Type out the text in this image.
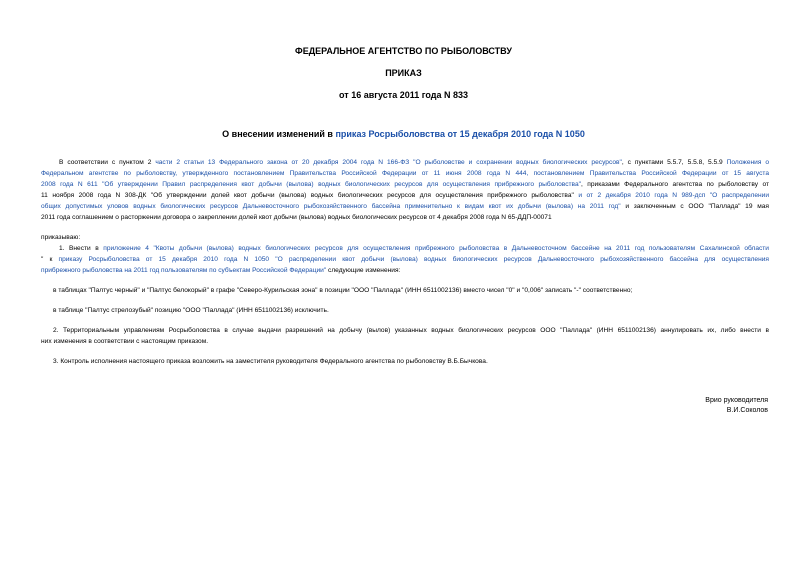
ФЕДЕРАЛЬНОЕ АГЕНТСТВО ПО РЫБОЛОВСТВУ
ПРИКАЗ
от 16 августа 2011 года N 833
О внесении изменений в приказ Росрыболовства от 15 декабря 2010 года N 1050
В соответствии с пунктом 2 части 2 статьи 13 Федерального закона от 20 декабря 2004 года N 166-ФЗ "О рыболовстве и сохранении водных биологических ресурсов", с пунктами 5.5.7, 5.5.8, 5.5.9 Положения о
Федеральном агентстве по рыболовству, утвержденного постановлением Правительства Российской Федерации от 11 июня 2008 года N 444, постановлением Правительства Российской Федерации от 15 августа
2008 года N 611 "Об утверждении Правил распределения квот добычи (вылова) водных биологических ресурсов для осуществления прибрежного рыболовства", приказами Федерального агентства по рыболовству от
11 ноября 2008 года N 308-ДК "Об утверждении долей квот добычи (вылова) водных биологических ресурсов для осуществления прибрежного рыболовства" и от 2 декабря 2010 года N 989-дсп "О распределении
общих допустимых уловов водных биологических ресурсов Дальневосточного рыбохозяйственного бассейна применительно к видам квот их добычи (вылова) на 2011 год" и заключенным с ООО "Паллада" 19 мая
2011 года соглашением о расторжении договора о закреплении долей квот добычи (вылова) водных биологических ресурсов от 4 декабря 2008 года N 65-ДДП-00071
приказываю:
1. Внести в приложение 4 "Квоты добычи (вылова) водных биологических ресурсов для осуществления прибрежного рыболовства в Дальневосточном бассейне на 2011 год пользователям Сахалинской области
" к приказу Росрыболовства от 15 декабря 2010 года N 1050 "О распределении квот добычи (вылова) водных биологических ресурсов Дальневосточного рыбохозяйственного бассейна для осуществления
прибрежного рыболовства на 2011 год пользователям по субъектам Российской Федерации" следующие изменения:
в таблицах "Палтус черный" и "Палтус белокорый" в графе "Северо-Курильская зона" в позиции "ООО "Паллада" (ИНН 6511002136) вместо чисел "0" и "0,006" записать "-" соответственно;
в таблице "Палтус стрелозубый" позицию "ООО "Паллада" (ИНН 6511002136) исключить.
2. Территориальным управлениям Росрыболовства в случае выдачи разрешений на добычу (вылов) указанных водных биологических ресурсов ООО "Паллада" (ИНН 6511002136) аннулировать их, либо внести в
них изменения в соответствии с настоящим приказом.
3. Контроль исполнения настоящего приказа возложить на заместителя руководителя Федерального агентства по рыболовству В.Б.Бычкова.
Врио руководителя
В.И.Соколов
